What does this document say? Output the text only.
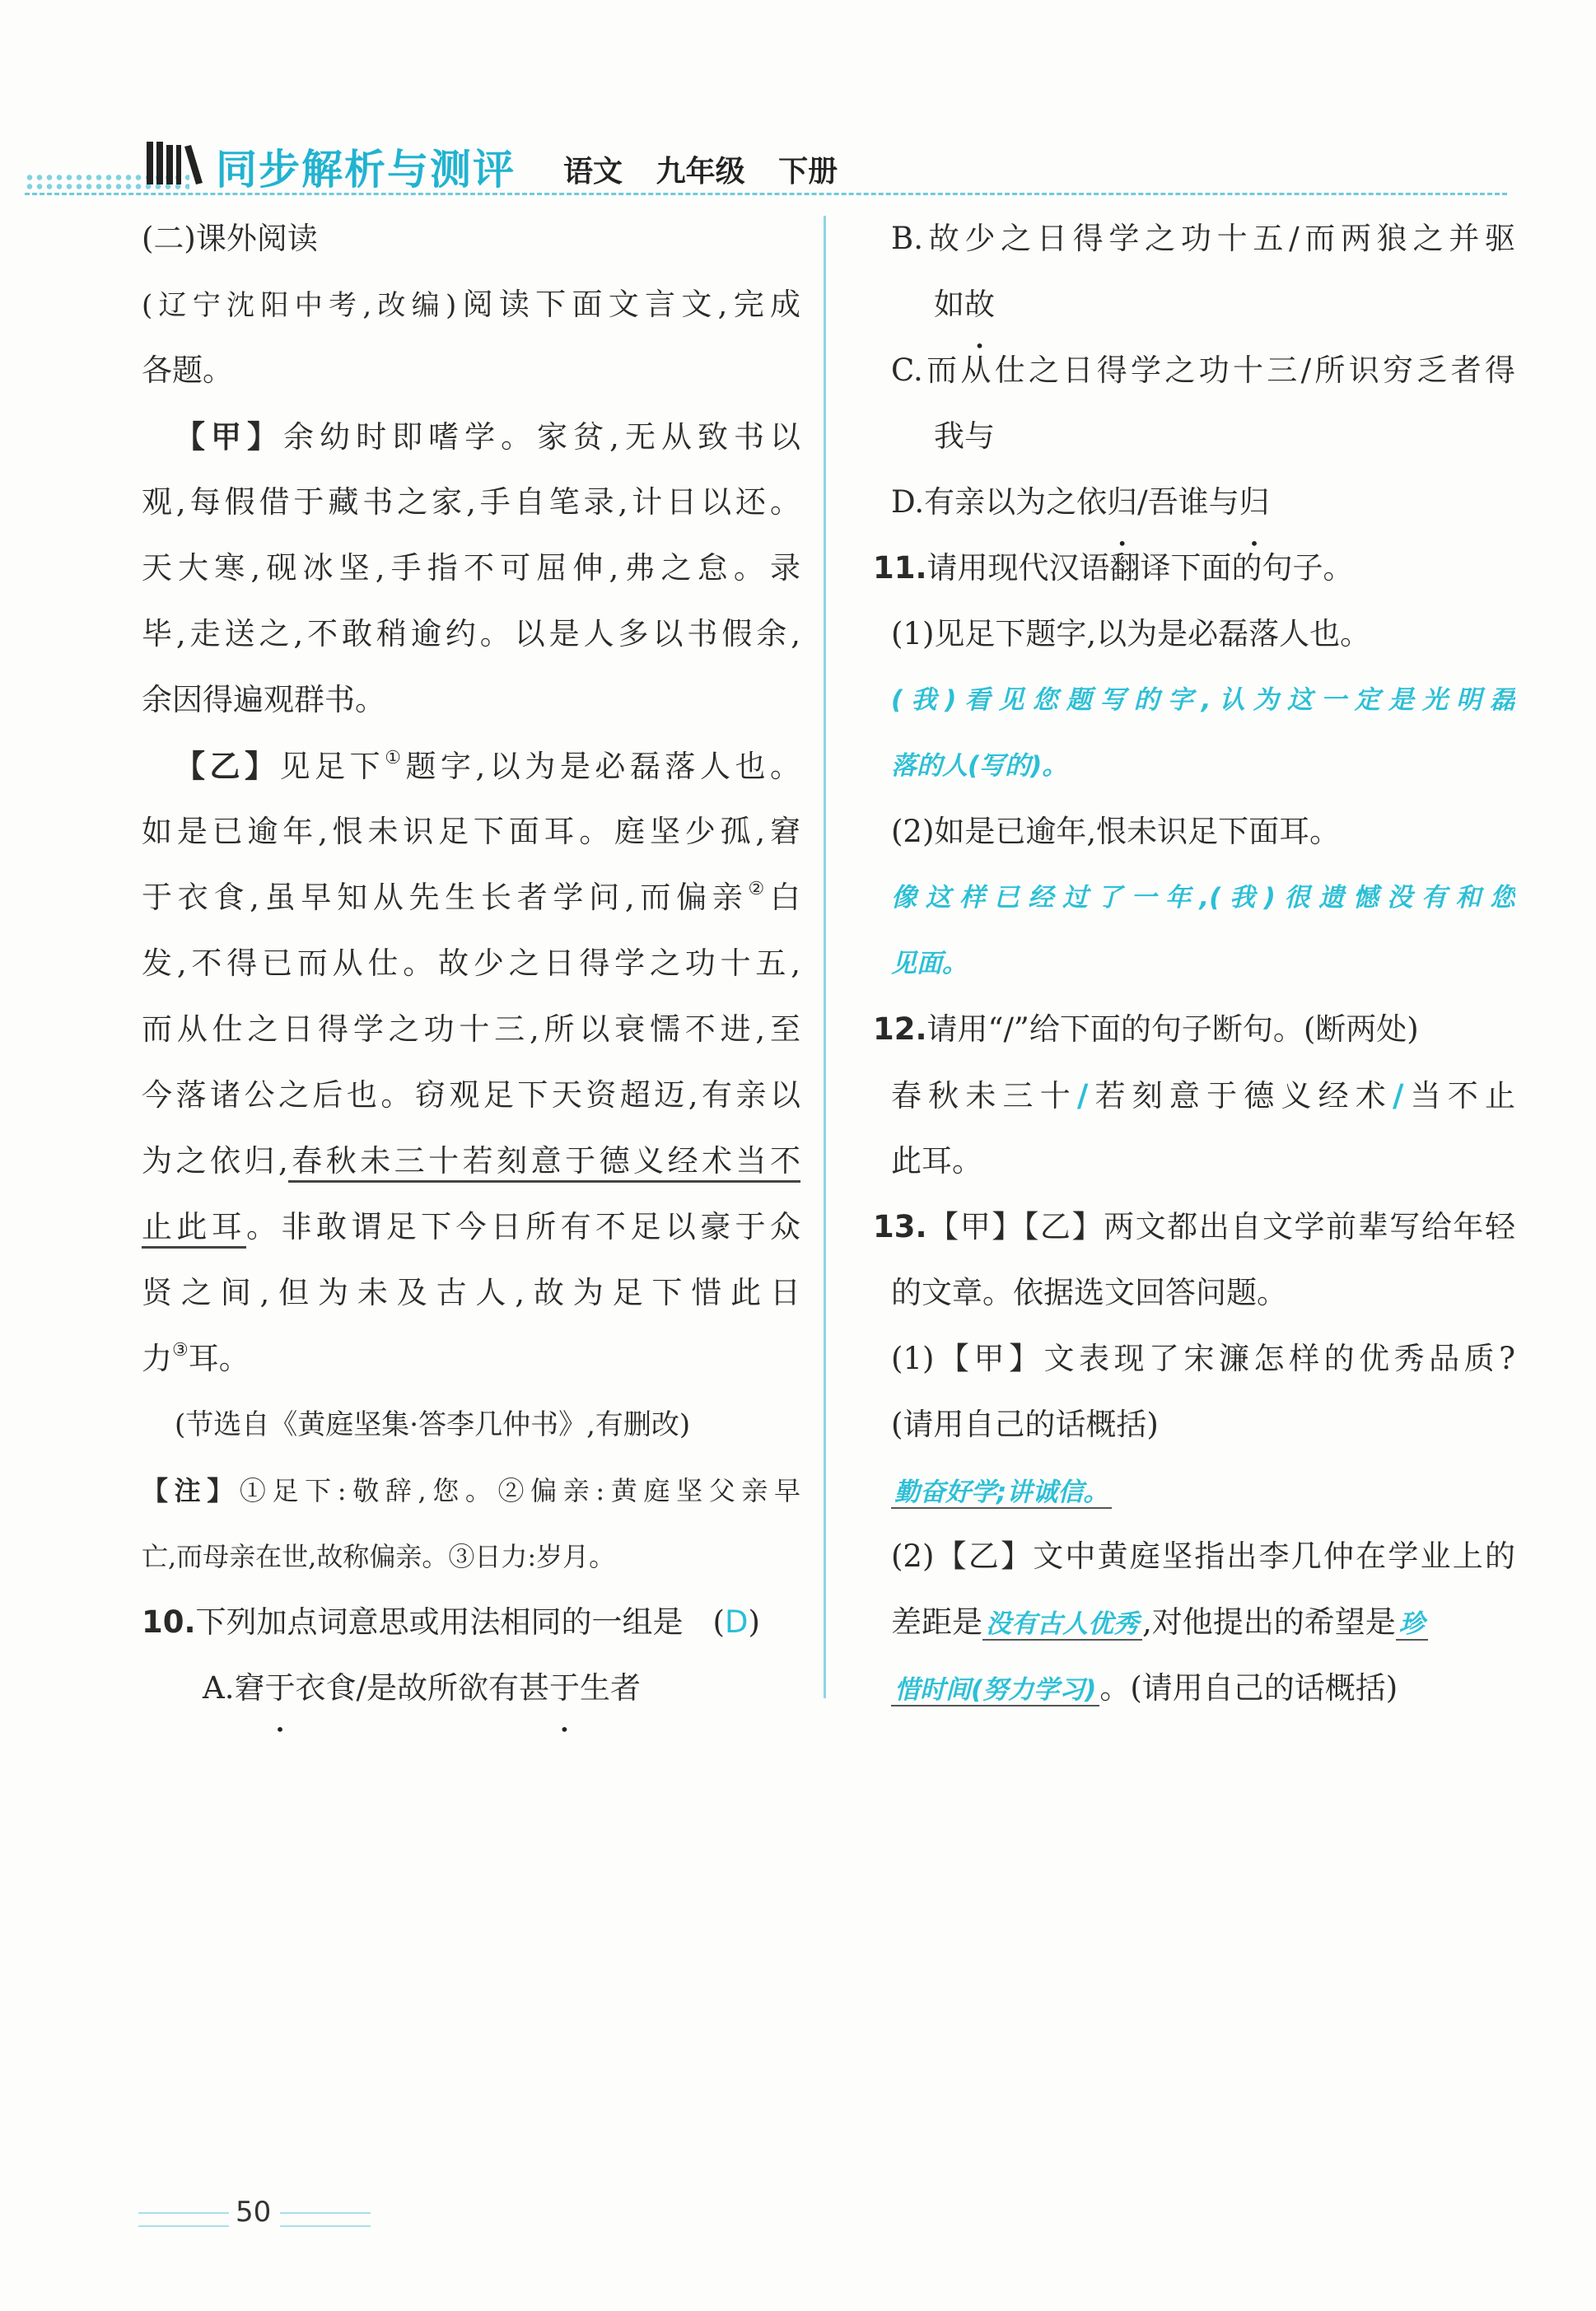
同步解析与测评 语文 九年级 下册
(二)课外阅读
(辽宁沈阳中考,改编)阅读下面文言文,完成
各题。
【甲】余幼时即嗜学。家贫,无从致书以
观,每假借于藏书之家,手自笔录,计日以还。
天大寒,砚冰坚,手指不可屈伸,弗之怠。录
毕,走送之,不敢稍逾约。以是人多以书假余,
余因得遍观群书。
【乙】见足下①题字,以为是必磊落人也。
如是已逾年,恨未识足下面耳。庭坚少孤,窘
于衣食,虽早知从先生长者学问,而偏亲②白
发,不得已而从仕。故少之日得学之功十五,
而从仕之日得学之功十三,所以衰懦不进,至
今落诸公之后也。窃观足下天资超迈,有亲以
为之依归,春秋未三十若刻意于德义经术当不
止此耳。非敢谓足下今日所有不足以豪于众
贤之间,但为未及古人,故为足下惜此日
力③耳。
(节选自《黄庭坚集·答李几仲书》,有删改)
【注】①足下:敬辞,您。②偏亲:黄庭坚父亲早
亡,而母亲在世,故称偏亲。③日力:岁月。
10.下列加点词意思或用法相同的一组是 (D)
A.窘于衣食/是故所欲有甚于生者
B.故少之日得学之功十五/而两狼之并驱
如故
C.而从仕之日得学之功十三/所识穷乏者得
我与
D.有亲以为之依归/吾谁与归
11.请用现代汉语翻译下面的句子。
(1)见足下题字,以为是必磊落人也。
(我)看见您题写的字,认为这一定是光明磊
落的人(写的)。
(2)如是已逾年,恨未识足下面耳。
像这样已经过了一年,(我)很遗憾没有和您
见面。
12.请用“/”给下面的句子断句。(断两处)
春秋未三十/若刻意于德义经术/当不止
此耳。
13.【甲】【乙】两文都出自文学前辈写给年轻
的文章。依据选文回答问题。
(1)【甲】文表现了宋濂怎样的优秀品质?
(请用自己的话概括)
勤奋好学;讲诚信。
(2)【乙】文中黄庭坚指出李几仲在学业上的
差距是 没有古人优秀 ,对他提出的希望是 珍
惜时间(努力学习) 。(请用自己的话概括)
50
